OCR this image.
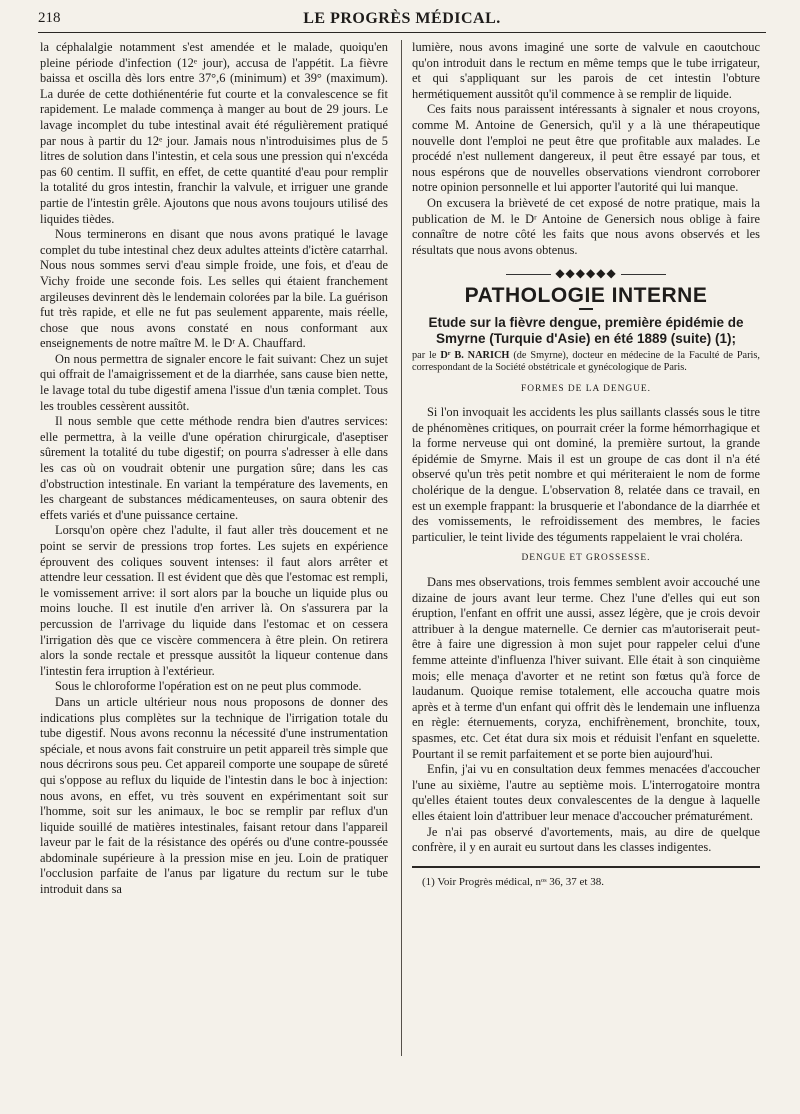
218	LE PROGRÈS MÉDICAL.

la céphalalgie notamment s'est amendée et le malade, quoiqu'en pleine période d'infection (12ᵉ jour), accusa de l'appétit. La fièvre baissa et oscilla dès lors entre 37°,6 (minimum) et 39° (maximum). La durée de cette dothiénentérie fut courte et la convalescence se fit rapidement. Le malade commença à manger au bout de 29 jours. Le lavage incomplet du tube intestinal avait été régulièrement pratiqué par nous à partir du 12ᵉ jour. Jamais nous n'introduisimes plus de 5 litres de solution dans l'intestin, et cela sous une pression qui n'excéda pas 60 centim. Il suffit, en effet, de cette quantité d'eau pour remplir la totalité du gros intestin, franchir la valvule, et irriguer une grande partie de l'intestin grêle. Ajoutons que nous avons toujours utilisé des liquides tièdes.

Nous terminerons en disant que nous avons pratiqué le lavage complet du tube intestinal chez deux adultes atteints d'ictère catarrhal. Nous nous sommes servi d'eau simple froide, une fois, et d'eau de Vichy froide une seconde fois. Les selles qui étaient franchement argileuses devinrent dès le lendemain colorées par la bile. La guérison fut très rapide, et elle ne fut pas seulement apparente, mais réelle, chose que nous avons constaté en nous conformant aux enseignements de notre maître M. le Dʳ A. Chauffard.

On nous permettra de signaler encore le fait suivant: Chez un sujet qui offrait de l'amaigrissement et de la diarrhée, sans cause bien nette, le lavage total du tube digestif amena l'issue d'un tænia complet. Tous les troubles cessèrent aussitôt.

Il nous semble que cette méthode rendra bien d'autres services: elle permettra, à la veille d'une opération chirurgicale, d'aseptiser sûrement la totalité du tube digestif; on pourra s'adresser à elle dans les cas où on voudrait obtenir une purgation sûre; dans les cas d'obstruction intestinale. En variant la température des lavements, en les chargeant de substances médicamenteuses, on saura obtenir des effets variés et d'une puissance certaine.

Lorsqu'on opère chez l'adulte, il faut aller très doucement et ne point se servir de pressions trop fortes. Les sujets en expérience éprouvent des coliques souvent intenses: il faut alors arrêter et attendre leur cessation. Il est évident que dès que l'estomac est rempli, le vomissement arrive: il sort alors par la bouche un liquide plus ou moins louche. Il est inutile d'en arriver là. On s'assurera par la percussion de l'arrivage du liquide dans l'estomac et on cessera l'irrigation dès que ce viscère commencera à être plein. On retirera alors la sonde rectale et pressque aussitôt la liqueur contenue dans l'intestin fera irruption à l'extérieur.

Sous le chloroforme l'opération est on ne peut plus commode.

Dans un article ultérieur nous nous proposons de donner des indications plus complètes sur la technique de l'irrigation totale du tube digestif. Nous avons reconnu la nécessité d'une instrumentation spéciale, et nous avons fait construire un petit appareil très simple que nous décrirons sous peu. Cet appareil comporte une soupape de sûreté qui s'oppose au reflux du liquide de l'intestin dans le boc à injection: nous avons, en effet, vu très souvent en expérimentant soit sur l'homme, soit sur les animaux, le boc se remplir par reflux d'un liquide souillé de matières intestinales, faisant retour dans l'appareil laveur par le fait de la résistance des opérés ou d'une contre-poussée abdominale supérieure à la pression mise en jeu. Loin de pratiquer l'occlusion parfaite de l'anus par ligature du rectum sur le tube introduit dans sa

lumière, nous avons imaginé une sorte de valvule en caoutchouc qu'on introduit dans le rectum en même temps que le tube irrigateur, et qui s'appliquant sur les parois de cet intestin l'obture hermétiquement aussitôt qu'il commence à se remplir de liquide.

Ces faits nous paraissent intéressants à signaler et nous croyons, comme M. Antoine de Genersich, qu'il y a là une thérapeutique nouvelle dont l'emploi ne peut être que profitable aux malades. Le procédé n'est nullement dangereux, il peut être essayé par tous, et nous espérons que de nouvelles observations viendront corroborer notre opinion personnelle et lui apporter l'autorité qui lui manque.

On excusera la brièveté de cet exposé de notre pratique, mais la publication de M. le Dʳ Antoine de Genersich nous oblige à faire connaître de notre côté les faits que nous avons observés et les résultats que nous avons obtenus.

◆◆◆◆◆◆
PATHOLOGIE INTERNE
Etude sur la fièvre dengue, première épidémie de Smyrne (Turquie d'Asie) en été 1889 (suite) (1);
par le Dʳ B. NARICH (de Smyrne), docteur en médecine de la Faculté de Paris, correspondant de la Société obstétricale et gynécologique de Paris.
FORMES DE LA DENGUE.

Si l'on invoquait les accidents les plus saillants classés sous le titre de phénomènes critiques, on pourrait créer la forme hémorrhagique et la forme nerveuse qui ont dominé, la première surtout, la grande épidémie de Smyrne. Mais il est un groupe de cas dont il n'a été observé qu'un très petit nombre et qui mériteraient le nom de forme cholérique de la dengue. L'observation 8, relatée dans ce travail, en est un exemple frappant: la brusquerie et l'abondance de la diarrhée et des vomissements, le refroidissement des membres, le facies particulier, le teint livide des téguments rappelaient le vrai choléra.

DENGUE ET GROSSESSE.

Dans mes observations, trois femmes semblent avoir accouché une dizaine de jours avant leur terme. Chez l'une d'elles qui eut son éruption, l'enfant en offrit une aussi, assez légère, que je crois devoir attribuer à la dengue maternelle. Ce dernier cas m'autoriserait peut-être à faire une digression à mon sujet pour rappeler celui d'une femme atteinte d'influenza l'hiver suivant. Elle était à son cinquième mois; elle menaça d'avorter et ne retint son fœtus qu'à force de laudanum. Quoique remise totalement, elle accoucha quatre mois après et à terme d'un enfant qui offrit dès le lendemain une influenza en règle: éternuements, coryza, enchifrènement, bronchite, toux, spasmes, etc. Cet état dura six mois et réduisit l'enfant en squelette. Pourtant il se remit parfaitement et se porte bien aujourd'hui.

Enfin, j'ai vu en consultation deux femmes menacées d'accoucher l'une au sixième, l'autre au septième mois. L'interrogatoire montra qu'elles étaient toutes deux convalescentes de la dengue à laquelle elles étaient loin d'attribuer leur menace d'accoucher prématurément.

Je n'ai pas observé d'avortements, mais, au dire de quelque confrère, il y en aurait eu surtout dans les classes indigentes.

(1) Voir Progrès médical, nᵒˢ 36, 37 et 38.
